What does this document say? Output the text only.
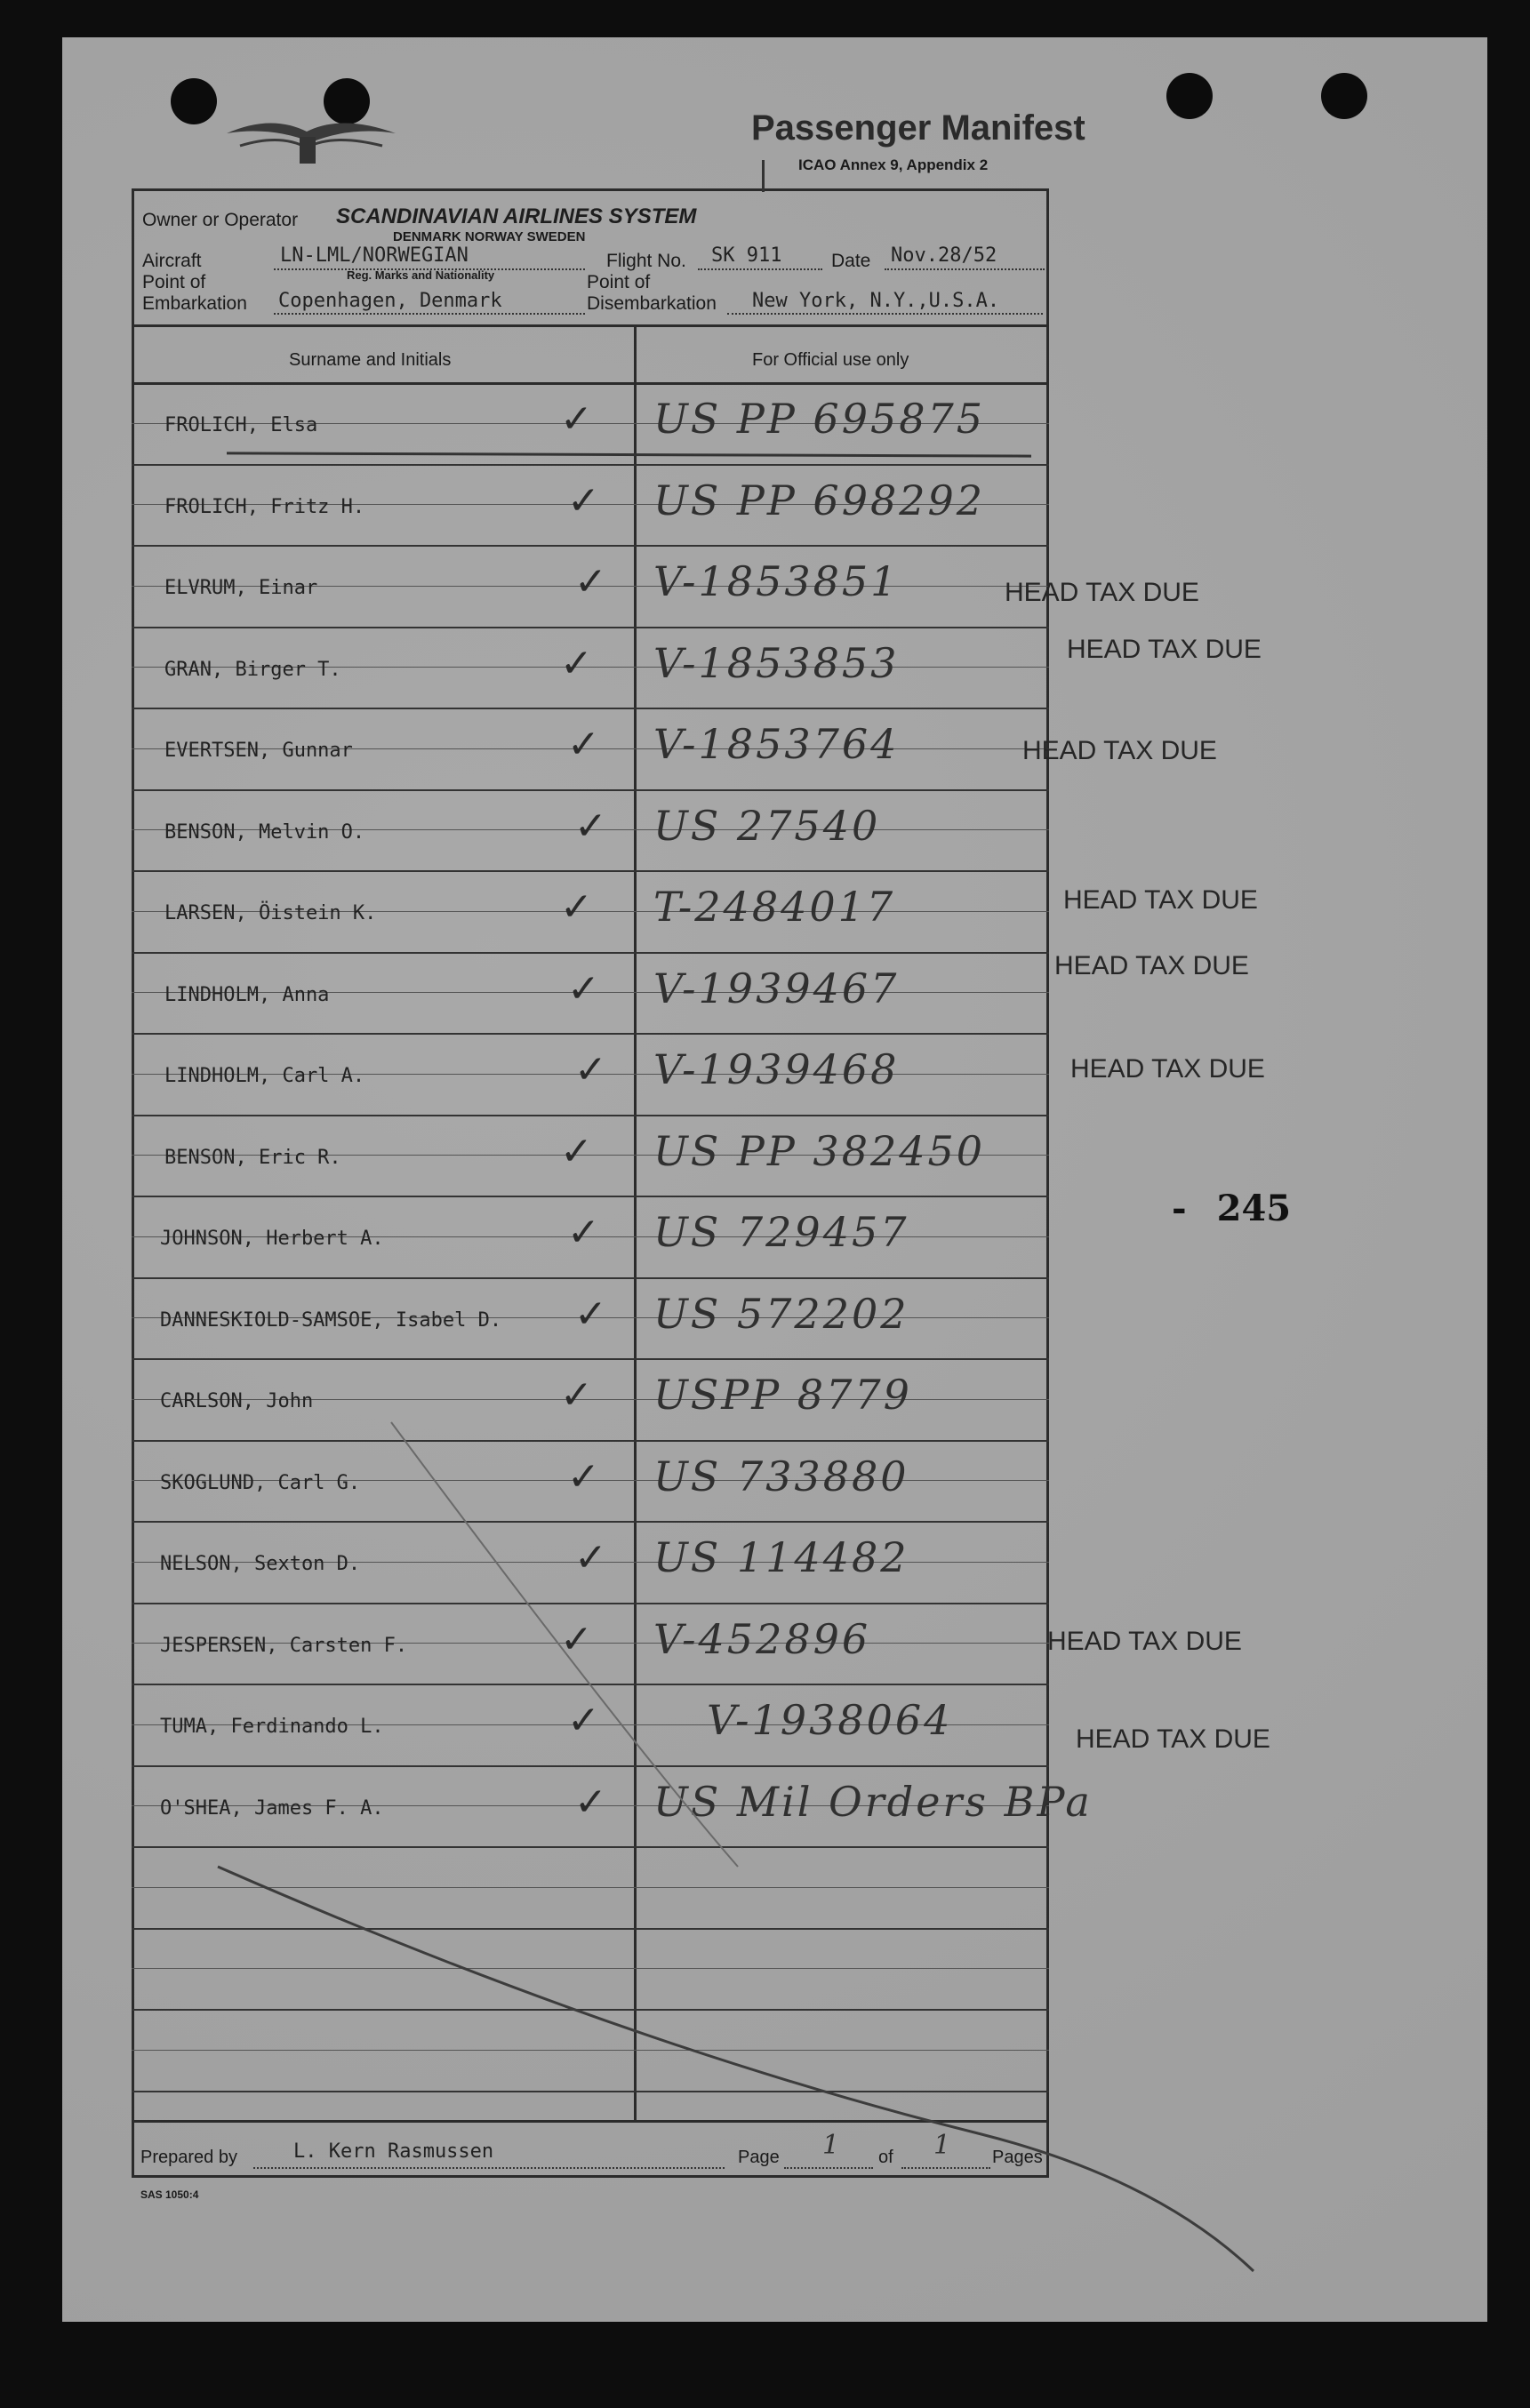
Passenger Manifest
ICAO Annex 9, Appendix 2
Owner or Operator SCANDINAVIAN AIRLINES SYSTEM
DENMARK NORWAY SWEDEN
Aircraft	LN-LML/NORWEGIAN
Reg. Marks and Nationality
Flight No. SK 911	Date Nov.28/52
Point of
Embarkation Copenhagen, Denmark
Point of
Disembarkation New York, N.Y.,U.S.A.
Surname and Initials	For Official use only
FROLICH, Elsa	✓ US PP 695875
FROLICH, Fritz H.	✓ US PP 698292
ELVRUM, Einar	✓ V-1853851	HEAD TAX DUE
GRAN, Birger T.	✓ V-1853853	HEAD TAX DUE
EVERTSEN, Gunnar	✓ V-1853764	HEAD TAX DUE
BENSON, Melvin O.	✓ US 27540
LARSEN, Öistein K.	✓ T-2484017	HEAD TAX DUE
LINDHOLM, Anna	✓ V-1939467	HEAD TAX DUE
LINDHOLM, Carl A.	✓ V-1939468	HEAD TAX DUE
BENSON, Eric R.	✓ US PP 382450
JOHNSON, Herbert A.	✓ US 729457
DANNESKIOLD-SAMSOE, Isabel D. ✓ US 572202
CARLSON, John	✓ USPP 8779
SKOGLUND, Carl G.	✓ US 733880
NELSON, Sexton D.	✓ US 114482
JESPERSEN, Carsten F.	✓ V-452896	HEAD TAX DUE
TUMA, Ferdinando L.	✓	V-1938064	HEAD TAX DUE
O'SHEA, James F. A.	✓ US Mil Orders BPa
Prepared by	L. Kern Rasmussen	Page 1 of 1 Pages
SAS 1050:4
- 245
